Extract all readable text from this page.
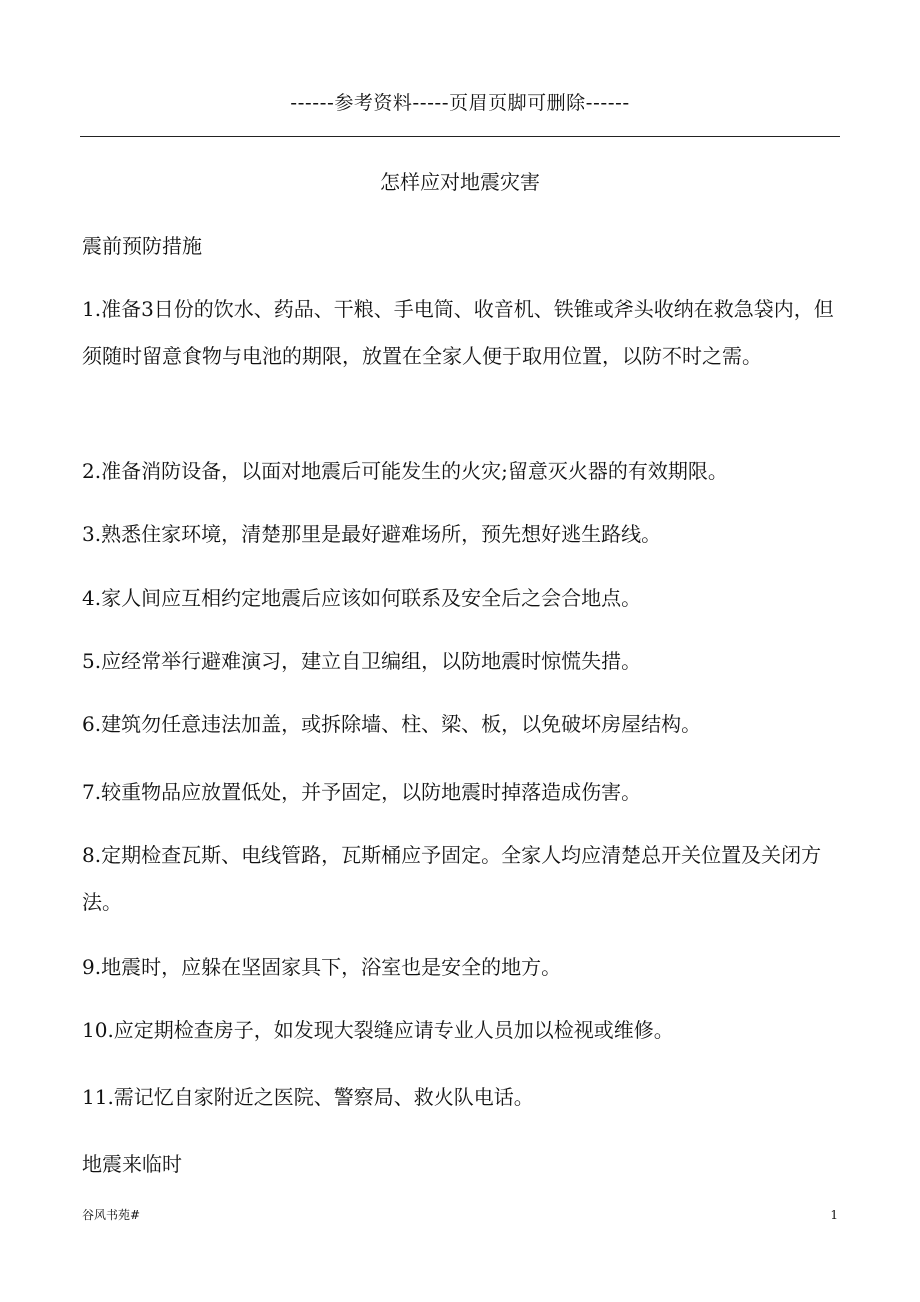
------参考资料-----页眉页脚可删除------
怎样应对地震灾害
震前预防措施

1.准备3日份的饮水、药品、干粮、手电筒、收音机、铁锥或斧头收纳在救急袋内，但须随时留意食物与电池的期限，放置在全家人便于取用位置，以防不时之需。

2.准备消防设备，以面对地震后可能发生的火灾;留意灭火器的有效期限。

3.熟悉住家环境，清楚那里是最好避难场所，预先想好逃生路线。

4.家人间应互相约定地震后应该如何联系及安全后之会合地点。

5.应经常举行避难演习，建立自卫编组，以防地震时惊慌失措。

6.建筑勿任意违法加盖，或拆除墙、柱、梁、板，以免破坏房屋结构。

7.较重物品应放置低处，并予固定，以防地震时掉落造成伤害。

8.定期检查瓦斯、电线管路，瓦斯桶应予固定。全家人均应清楚总开关位置及关闭方法。

9.地震时，应躲在坚固家具下，浴室也是安全的地方。

10.应定期检查房子，如发现大裂缝应请专业人员加以检视或维修。

11.需记忆自家附近之医院、警察局、救火队电话。

地震来临时
谷风书苑#	1
